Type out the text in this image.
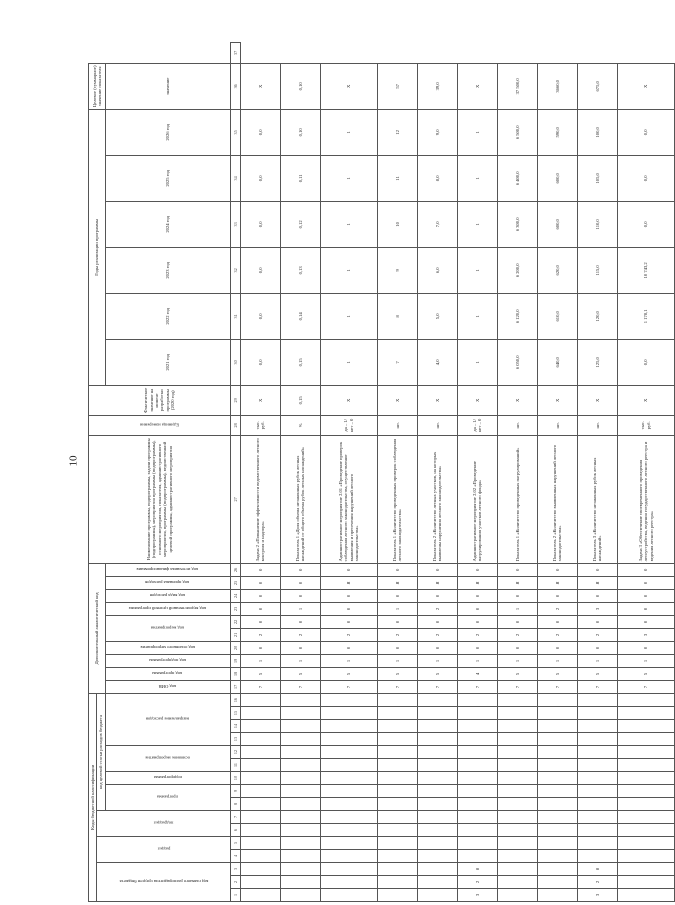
10
Коды бюджетной классификации																Дополнительный аналитический код										Наименование программы, подпрограммы, задачи программы (подпрограммы), мероприятия программы (подпрограммы), основного мероприятия, показателя, административного мероприятия, программы (подпрограммы), ведомственной целевой программы, административного мероприятия	Единица измерения	Фактическое значение на момент разработки программы (2020 год)	Годы реализации программы						Целевое (суммарное) значение показателя	
код главного распорядителя средств бюджета			раздел		подраздел		код целевой статьи расходов бюджета																													
							программа		подпрограмма	основное мероприятие		направление расходов				код ОИВ	код программы	код подпрограммы	код основного мероприятия	код мероприятия		код ведомственной целевой программы	код вида расходов	код признака расходов	код источника финансирования				2021 год	2022 год	2023 год	2024 год	2025 год	2026 год	значение	
1	2	3	4	5	6	7	8	9	10	11	12	13	14	15	16	17	18	19	20	21	22	23	24	25	26	27	28	29	30	31	32	33	34	35	36	37
																7	5	1	0	2	0	0	0	0	0	Задача 2 «Повышение эффективности ведомственного лесного контроля и надзора»	тыс. руб.	X	0,0	0,0	0,0	0,0	0,0	0,0	X	
																7	5	1	0	2	0	1	0	0	0	Показатель 1 «Доля объема незаконных рубок лесных насаждений от общего объема рубок лесных насаждений»	%	0,15	0,15	0,14	0,13	0,12	0,11	0,10	0,10	
																7	5	1	0	2	0	0	0	Я	0	Административное мероприятие 2.01 «Проведение проверок соблюдения лесного законодательства, осуществление выявления и пресечения нарушений лесного законодательства»	да – 1/ нет – 0	X	1	1	1	1	1	1	X	
																7	5	1	0	2	0	1	0	Я	0	Показатель 1 «Количество проведенных проверок соблюдения лесного законодательства»	шт.	X	7	8	9	10	11	12	57	
																7	5	1	0	2	0	2	0	Я	0	Показатель 2 «Количество лесных участков, на которых выявлены нарушения лесного законодательства»	шт.	X	4,0	5,0	6,0	7,0	8,0	9,0	39,0	
3	2	8														7	4	1	0	2	0	0	0	Я	0	Административное мероприятие 2.02 «Проведение патрулирования участков лесного фонда»	да – 1/ нет – 0	X	1	1	1	1	1	1	X	
																7	5	1	0	2	0	1	0	Я	0	Показатель 1 «Количество проведенных патрулирований»	шт.	X	6 050,0	6 120,0	6 200,0	6 300,0	6 400,0	6 500,0	37 500,0	
																7	5	1	0	2	0	2	0	Я	0	Показатель 2 «Количество выявленных нарушений лесного законодательства»	шт.	X	640,0	610,0	620,0	600,0	600,0	590,0	3660,0	
3	2	8														7	5	1	0	2	0	3	0	Я	0	Показатель 3 «Количество незаконных рубок лесных насаждений»	шт.	X	125,0	120,0	115,0	110,0	105,0	100,0	675,0	
																7	5	1	0	3	0	0	0	0	0	Задача 3 «Обеспечение своевременного проведения лесоустройства, ведения государственного лесного реестра и ведения лесного реестра»	тыс. руб.	X	0,0	1 178,1	10 743,2	0,0	0,0	0,0	X	
